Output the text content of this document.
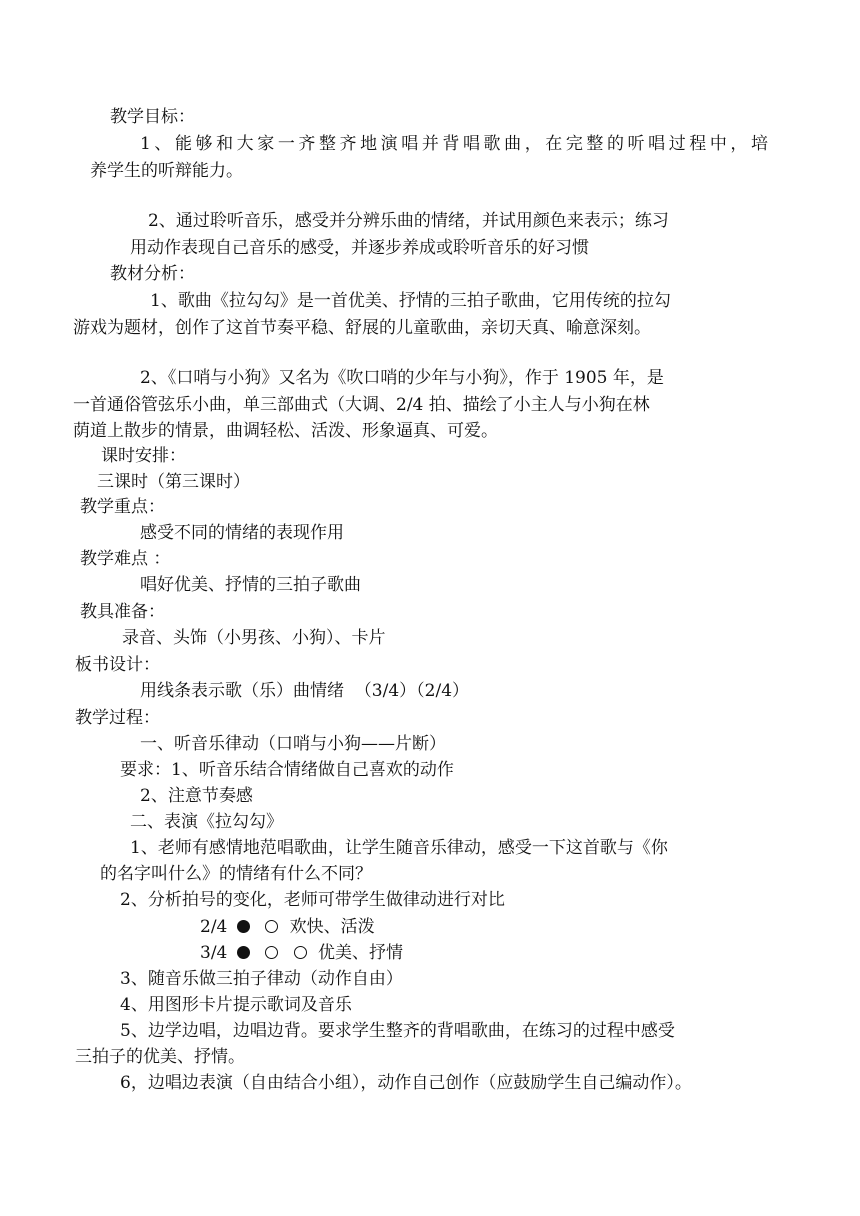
教学目标：
1、能够和大家一齐整齐地演唱并背唱歌曲，在完整的听唱过程中，培
养学生的听辩能力。
2、通过聆听音乐，感受并分辨乐曲的情绪，并试用颜色来表示；练习
用动作表现自己音乐的感受，并逐步养成或聆听音乐的好习惯
教材分析：
1、歌曲《拉勾勾》是一首优美、抒情的三拍子歌曲，它用传统的拉勾
游戏为题材，创作了这首节奏平稳、舒展的儿童歌曲，亲切天真、喻意深刻。
2、《口哨与小狗》又名为《吹口哨的少年与小狗》，作于 1905 年，是
一首通俗管弦乐小曲，单三部曲式（大调、2/4 拍、描绘了小主人与小狗在林
荫道上散步的情景，曲调轻松、活泼、形象逼真、可爱。
课时安排：
三课时（第三课时）
教学重点：
感受不同的情绪的表现作用
教学难点 ：
唱好优美、抒情的三拍子歌曲
教具准备：
录音、头饰（小男孩、小狗）、卡片
板书设计：
用线条表示歌（乐）曲情绪  （3/4）（2/4）
教学过程：
一、听音乐律动（口哨与小狗——片断）
要求：1、听音乐结合情绪做自己喜欢的动作
2、注意节奏感
二、表演《拉勾勾》
1、老师有感情地范唱歌曲，让学生随音乐律动，感受一下这首歌与《你
的名字叫什么》的情绪有什么不同？
2、分析拍号的变化，老师可带学生做律动进行对比
2/4	欢快、活泼
3/4	优美、抒情
3、随音乐做三拍子律动（动作自由）
4、用图形卡片提示歌词及音乐
5、边学边唱，边唱边背。要求学生整齐的背唱歌曲，在练习的过程中感受
三拍子的优美、抒情。
6，边唱边表演（自由结合小组），动作自己创作（应鼓励学生自己编动作）。
